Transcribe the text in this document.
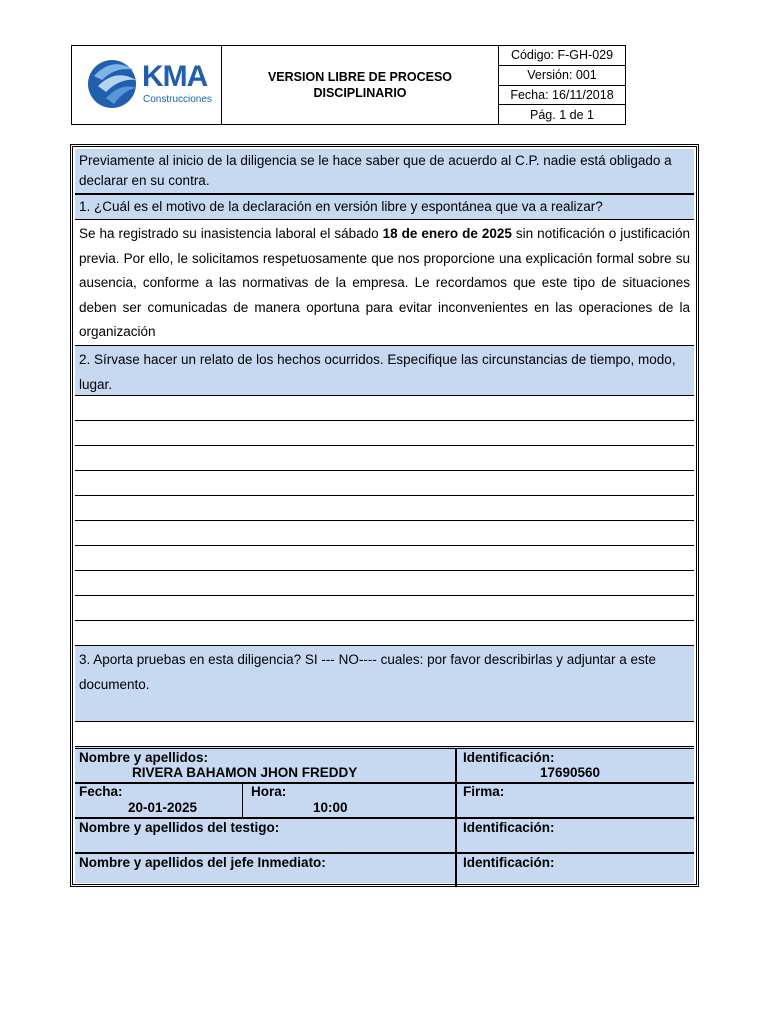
KMA
Construcciones
VERSION LIBRE DE PROCESO
DISCIPLINARIO
Código: F-GH-029
Versión: 001
Fecha: 16/11/2018
Pág. 1 de 1
Previamente al inicio de la diligencia se le hace saber que de acuerdo al C.P. nadie está obligado a declarar en su contra.
1. ¿Cuál es el motivo de la declaración en versión libre y espontánea que va a realizar?
Se ha registrado su inasistencia laboral el sábado 18 de enero de 2025 sin notificación o justificación previa. Por ello, le solicitamos respetuosamente que nos proporcione una explicación formal sobre su ausencia, conforme a las normativas de la empresa. Le recordamos que este tipo de situaciones deben ser comunicadas de manera oportuna para evitar inconvenientes en las operaciones de la organización
2. Sírvase hacer un relato de los hechos ocurridos. Especifique las circunstancias de tiempo, modo, lugar.
3. Aporta pruebas en esta diligencia? SI --- NO---- cuales: por favor describirlas y adjuntar a este documento.
Nombre y apellidos:
RIVERA BAHAMON JHON FREDDY
Identificación:
17690560
Fecha:
20-01-2025
Hora:
10:00
Firma:
Nombre y apellidos del testigo:	Identificación:
Nombre y apellidos del jefe Inmediato:	Identificación:
